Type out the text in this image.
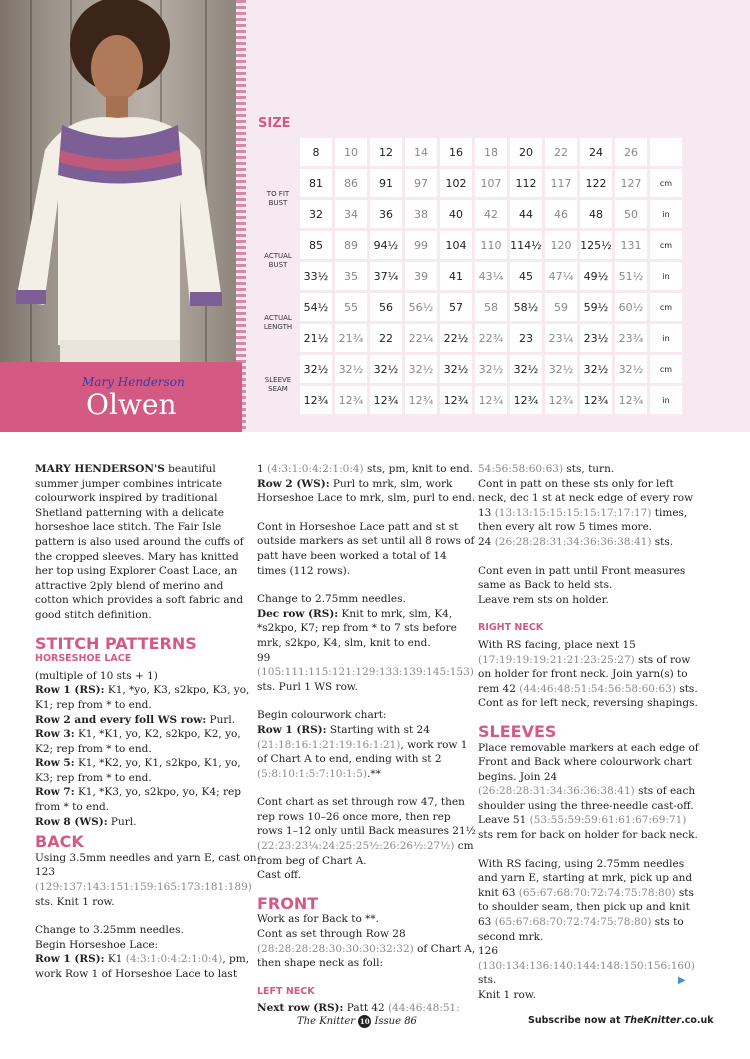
Mary Henderson
Olwen
SIZE
	8	10	12	14	16	18	20	22	24	26	
TO FIT BUST	81	86	91	97	102	107	112	117	122	127	cm
	32	34	36	38	40	42	44	46	48	50	in
ACTUAL BUST	85	89	94½	99	104	110	114½	120	125½	131	cm
	33½	35	37¼	39	41	43¼	45	47¼	49½	51½	in
ACTUAL LENGTH	54½	55	56	56½	57	58	58½	59	59½	60½	cm
	21½	21¾	22	22¼	22½	22¾	23	23¼	23½	23¾	in
SLEEVE SEAM	32½	32½	32½	32½	32½	32½	32½	32½	32½	32½	cm
	12¾	12¾	12¾	12¾	12¾	12¾	12¾	12¾	12¾	12¾	in

MARY HENDERSON'S beautiful summer jumper combines intricate colourwork inspired by traditional Shetland patterning with a delicate horseshoe lace stitch. The Fair Isle pattern is also used around the cuffs of the cropped sleeves. Mary has knitted her top using Explorer Coast Lace, an attractive 2ply blend of merino and cotton which provides a soft fabric and good stitch definition.

STITCH PATTERNS
HORSESHOE LACE
(multiple of 10 sts + 1)
Row 1 (RS): K1, *yo, K3, s2kpo, K3, yo, K1; rep from * to end.
Row 2 and every foll WS row: Purl.
Row 3: K1, *K1, yo, K2, s2kpo, K2, yo, K2; rep from * to end.
Row 5: K1, *K2, yo, K1, s2kpo, K1, yo, K3; rep from * to end.
Row 7: K1, *K3, yo, s2kpo, yo, K4; rep from * to end.
Row 8 (WS): Purl.
BACK

Using 3.5mm needles and yarn E, cast on 123 (129:137:143:151:159:165:173:181:189) sts. Knit 1 row.

Change to 3.25mm needles.
Begin Horseshoe Lace:
Row 1 (RS): K1 (4:3:1:0:4:2:1:0:4), pm, work Row 1 of Horseshoe Lace to last

1 (4:3:1:0:4:2:1:0:4) sts, pm, knit to end.
Row 2 (WS): Purl to mrk, slm, work Horseshoe Lace to mrk, slm, purl to end.

Cont in Horseshoe Lace patt and st st outside markers as set until all 8 rows of patt have been worked a total of 14 times (112 rows).

Change to 2.75mm needles.
Dec row (RS): Knit to mrk, slm, K4, *s2kpo, K7; rep from * to 7 sts before mrk, s2kpo, K4, slm, knit to end.
99 (105:111:115:121:129:133:139:145:153) sts. Purl 1 WS row.

Begin colourwork chart:
Row 1 (RS): Starting with st 24 (21:18:16:1:21:19:16:1:21), work row 1 of Chart A to end, ending with st 2 (5:8:10:1:5:7:10:1:5).**

Cont chart as set through row 47, then rep rows 10–26 once more, then rep rows 1–12 only until Back measures 21½ (22:23:23¼:24:25:25½:26:26½:27½) cm from beg of Chart A.
Cast off.

FRONT

Work as for Back to **.
Cont as set through Row 28 (28:28:28:28:30:30:30:32:32) of Chart A, then shape neck as foll:

LEFT NECK
Next row (RS): Patt 42 (44:46:48:51:

54:56:58:60:63) sts, turn.
Cont in patt on these sts only for left neck, dec 1 st at neck edge of every row 13 (13:13:15:15:15:15:17:17:17) times, then every alt row 5 times more.
24 (26:28:28:31:34:36:36:38:41) sts.

Cont even in patt until Front measures same as Back to held sts.
Leave rem sts on holder.

RIGHT NECK

With RS facing, place next 15 (17:19:19:19:21:21:23:25:27) sts of row on holder for front neck. Join yarn(s) to rem 42 (44:46:48:51:54:56:58:60:63) sts.
Cont as for left neck, reversing shapings.

SLEEVES

Place removable markers at each edge of Front and Back where colourwork chart begins. Join 24 (26:28:28:31:34:36:36:38:41) sts of each shoulder using the three-needle cast-off. Leave 51 (53:55:59:59:61:61:67:69:71) sts rem for back on holder for back neck.

With RS facing, using 2.75mm needles and yarn E, starting at mrk, pick up and knit 63 (65:67:68:70:72:74:75:78:80) sts to shoulder seam, then pick up and knit 63 (65:67:68:70:72:74:75:78:80) sts to second mrk.
126 (130:134:136:140:144:148:150:156:160) sts.
Knit 1 row.

▶
The Knitter 10 Issue 86	Subscribe now at TheKnitter.co.uk
